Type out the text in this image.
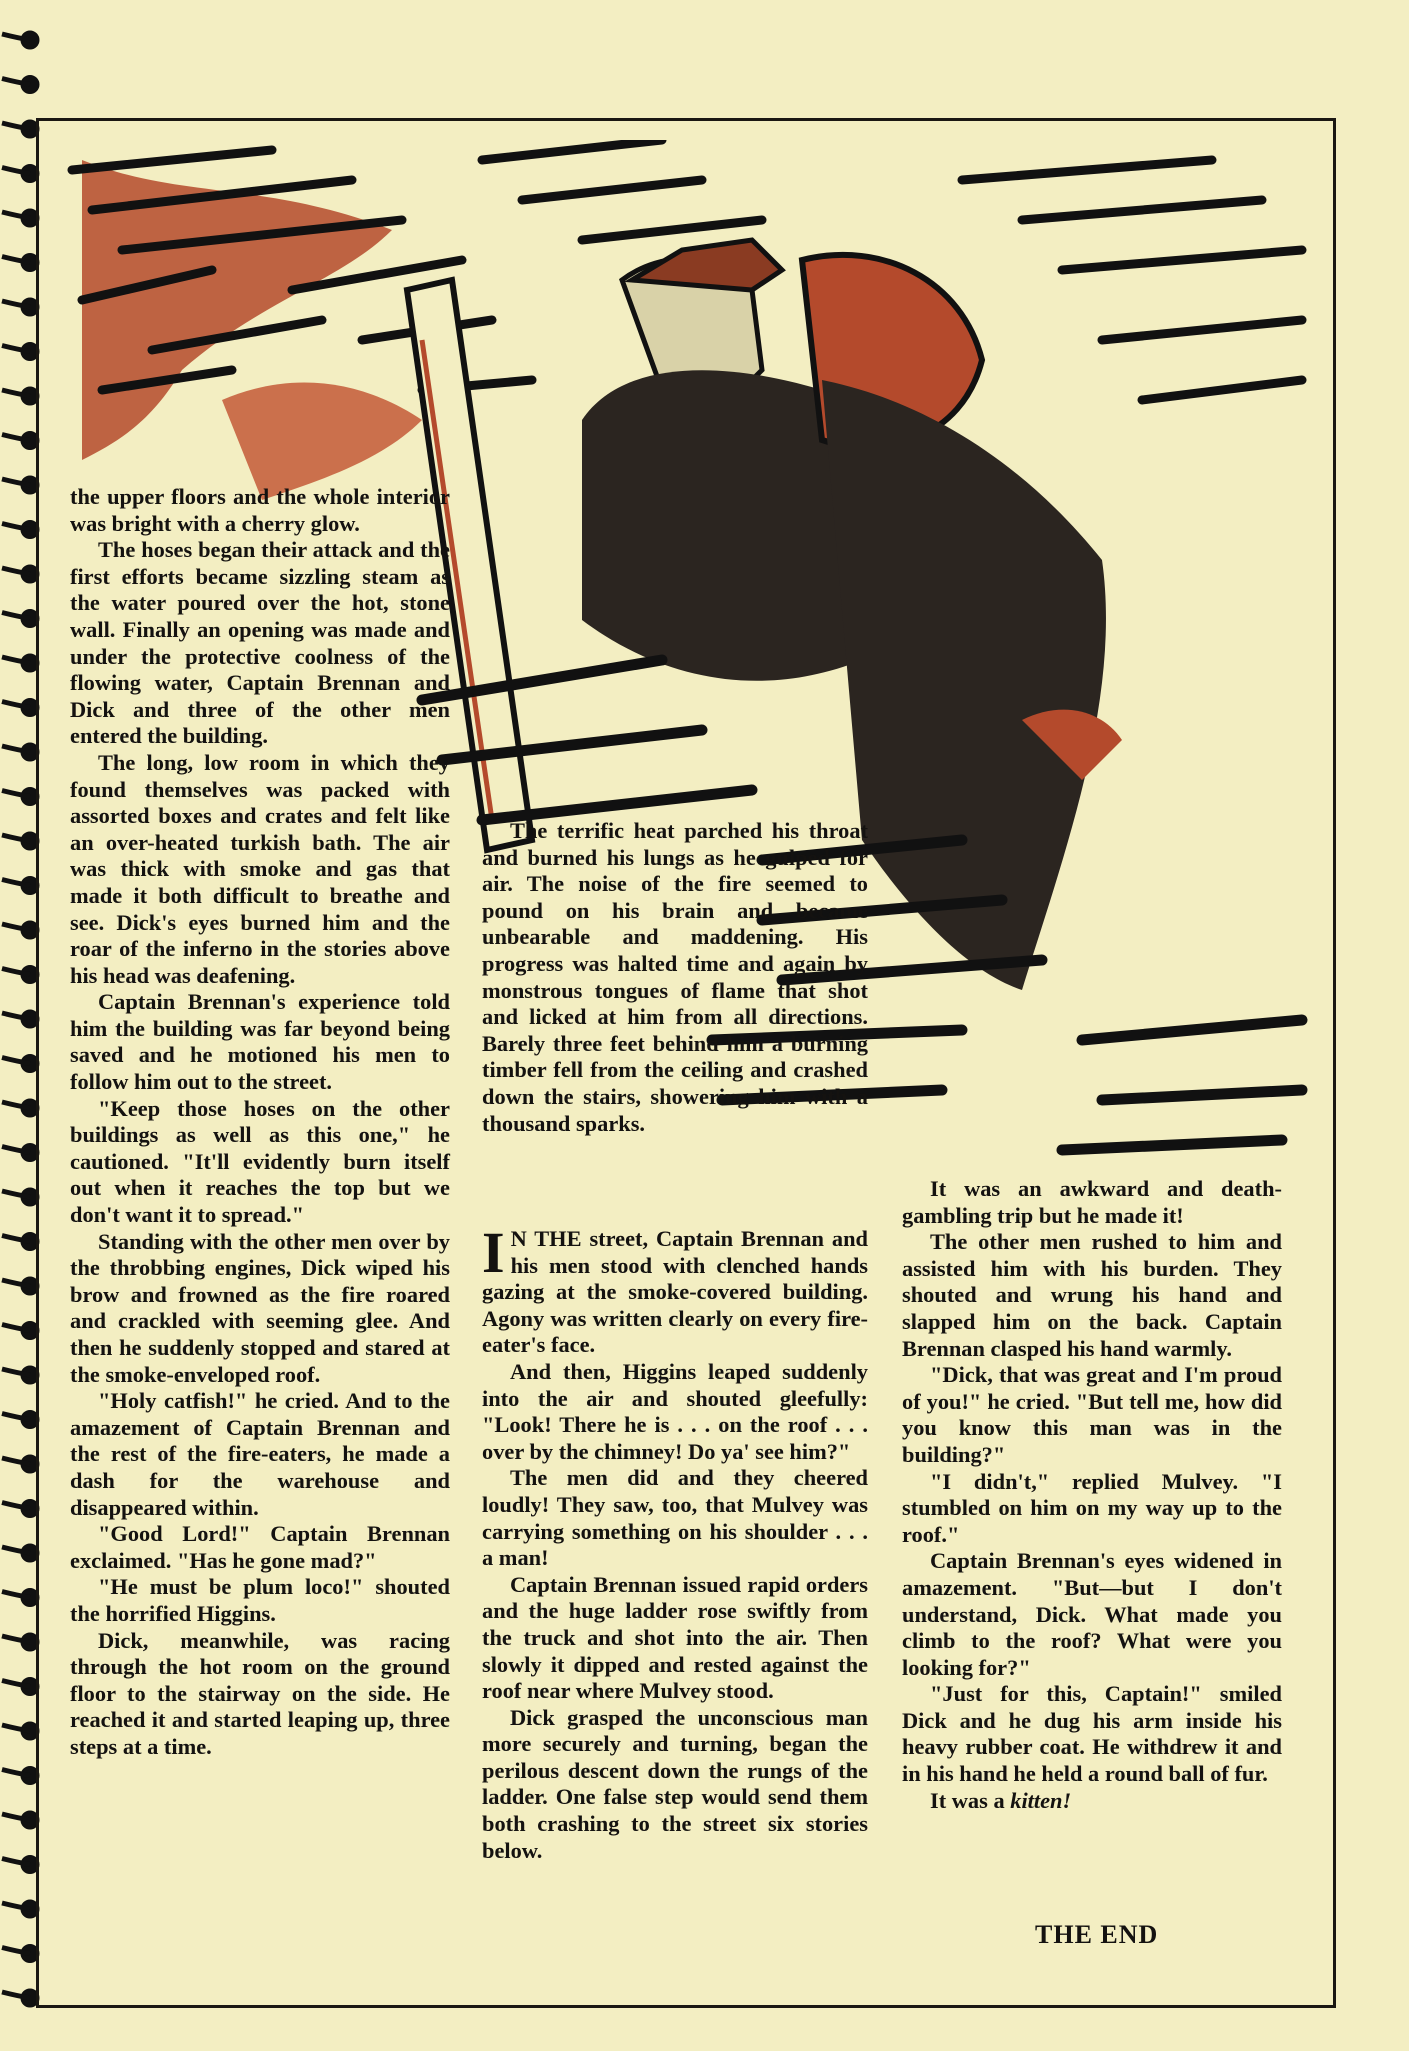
the upper floors and the whole interior was bright with a cherry glow.

The hoses began their attack and the first efforts became sizzling steam as the water poured over the hot, stone wall. Finally an opening was made and under the protective coolness of the flowing water, Captain Brennan and Dick and three of the other men entered the building.

The long, low room in which they found themselves was packed with assorted boxes and crates and felt like an over-heated turkish bath. The air was thick with smoke and gas that made it both difficult to breathe and see. Dick's eyes burned him and the roar of the inferno in the stories above his head was deafening.

Captain Brennan's experience told him the building was far beyond being saved and he motioned his men to follow him out to the street.

"Keep those hoses on the other buildings as well as this one," he cautioned. "It'll evidently burn itself out when it reaches the top but we don't want it to spread."

Standing with the other men over by the throbbing engines, Dick wiped his brow and frowned as the fire roared and crackled with seeming glee. And then he suddenly stopped and stared at the smoke-enveloped roof.

"Holy catfish!" he cried. And to the amazement of Captain Brennan and the rest of the fire-eaters, he made a dash for the warehouse and disappeared within.

"Good Lord!" Captain Brennan exclaimed. "Has he gone mad?"

"He must be plum loco!" shouted the horrified Higgins.

Dick, meanwhile, was racing through the hot room on the ground floor to the stairway on the side. He reached it and started leaping up, three steps at a time.

The terrific heat parched his throat and burned his lungs as he gulped for air. The noise of the fire seemed to pound on his brain and became unbearable and maddening. His progress was halted time and again by monstrous tongues of flame that shot and licked at him from all directions. Barely three feet behind him a burning timber fell from the ceiling and crashed down the stairs, showering him with a thousand sparks.

I N THE street, Captain Brennan and his men stood with clenched hands gazing at the smoke-covered building. Agony was written clearly on every fire-eater's face.

And then, Higgins leaped suddenly into the air and shouted gleefully: "Look! There he is . . . on the roof . . . over by the chimney! Do ya' see him?"

The men did and they cheered loudly! They saw, too, that Mulvey was carrying something on his shoulder . . . a man!

Captain Brennan issued rapid orders and the huge ladder rose swiftly from the truck and shot into the air. Then slowly it dipped and rested against the roof near where Mulvey stood.

Dick grasped the unconscious man more securely and turning, began the perilous descent down the rungs of the ladder. One false step would send them both crashing to the street six stories below.

It was an awkward and death-gambling trip but he made it!

The other men rushed to him and assisted him with his burden. They shouted and wrung his hand and slapped him on the back. Captain Brennan clasped his hand warmly.

"Dick, that was great and I'm proud of you!" he cried. "But tell me, how did you know this man was in the building?"

"I didn't," replied Mulvey. "I stumbled on him on my way up to the roof."

Captain Brennan's eyes widened in amazement. "But—but I don't understand, Dick. What made you climb to the roof? What were you looking for?"

"Just for this, Captain!" smiled Dick and he dug his arm inside his heavy rubber coat. He withdrew it and in his hand he held a round ball of fur.

It was a kitten!

THE END
